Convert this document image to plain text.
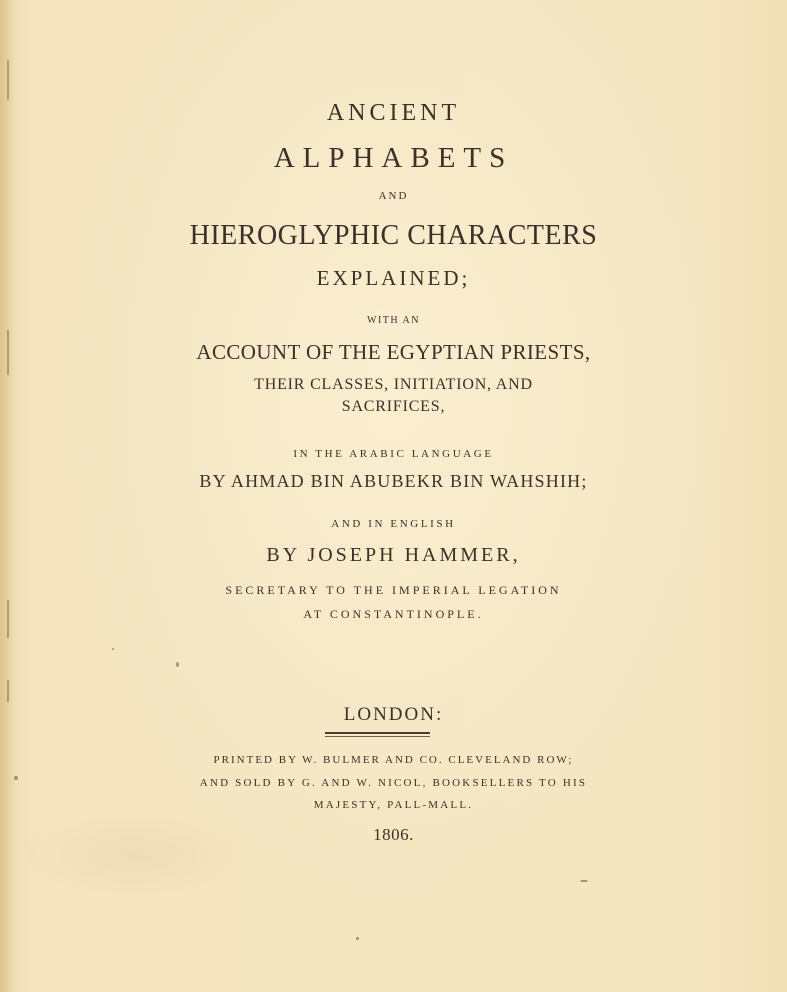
ANCIENT

ALPHABETS

AND

HIEROGLYPHIC CHARACTERS

EXPLAINED;

WITH AN

ACCOUNT OF THE EGYPTIAN PRIESTS,

THEIR CLASSES, INITIATION, AND

SACRIFICES,

IN THE ARABIC LANGUAGE

BY AHMAD BIN ABUBEKR BIN WAHSHIH;

AND IN ENGLISH

BY JOSEPH HAMMER,

SECRETARY TO THE IMPERIAL LEGATION

AT CONSTANTINOPLE.

LONDON:

PRINTED BY W. BULMER AND CO. CLEVELAND ROW;

AND SOLD BY G. AND W. NICOL, BOOKSELLERS TO HIS

MAJESTY, PALL-MALL.

1806.
